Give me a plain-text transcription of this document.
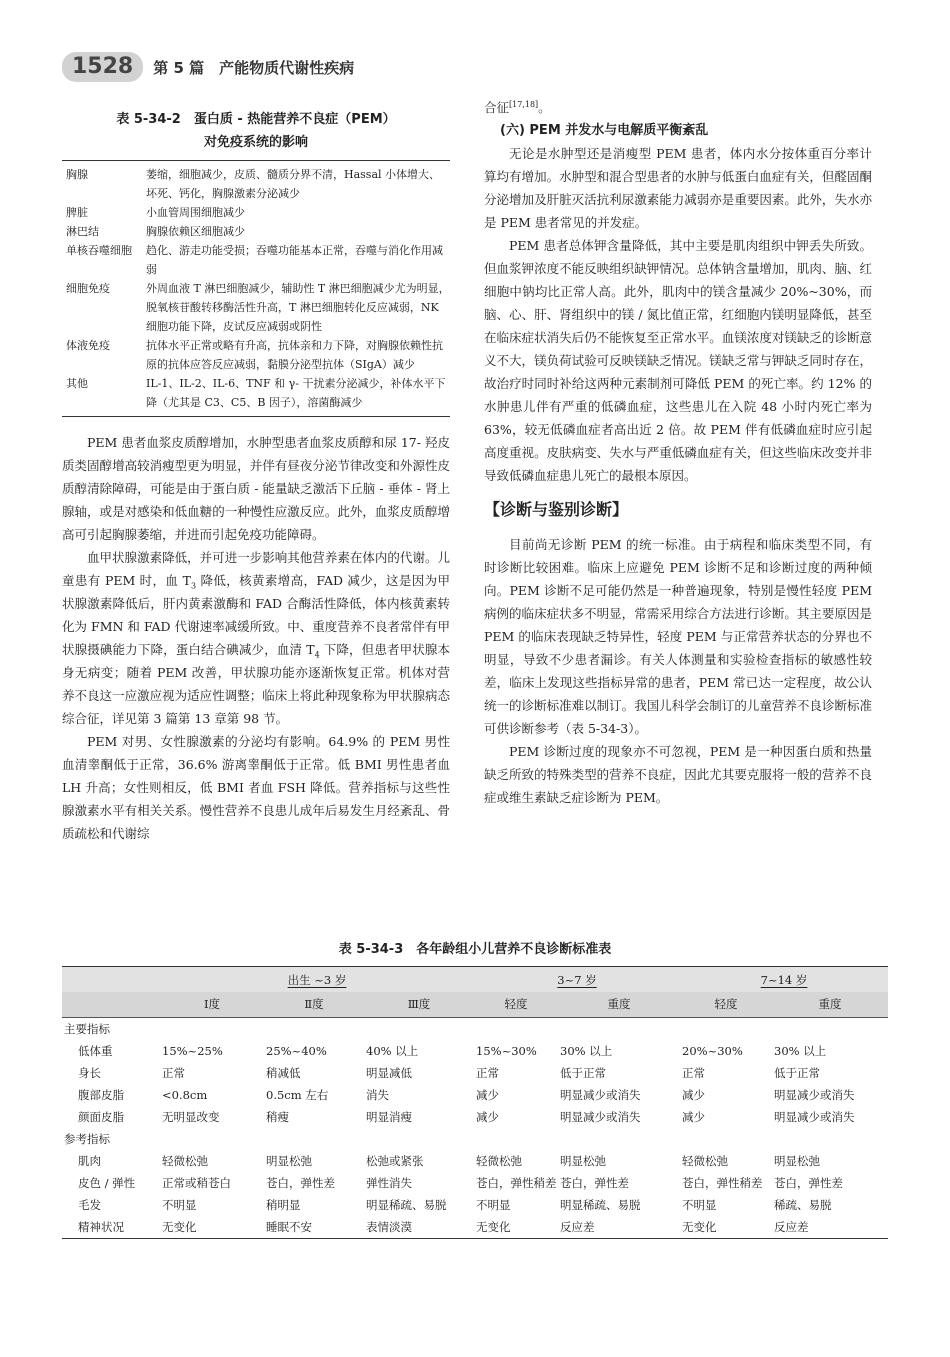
1528	第 5 篇　产能物质代谢性疾病
表 5-34-2　蛋白质 - 热能营养不良症（PEM）
对免疫系统的影响
胸腺	萎缩，细胞减少，皮质、髓质分界不清，Hassal 小体增大、坏死、钙化，胸腺激素分泌减少
脾脏	小血管周围细胞减少
淋巴结	胸腺依赖区细胞减少
单核吞噬细胞	趋化、游走功能受损；吞噬功能基本正常，吞噬与消化作用减弱
细胞免疫	外周血液 T 淋巴细胞减少，辅助性 T 淋巴细胞减少尤为明显，脱氧核苷酸转移酶活性升高，T 淋巴细胞转化反应减弱，NK 细胞功能下降，皮试反应减弱或阴性
体液免疫	抗体水平正常或略有升高，抗体亲和力下降，对胸腺依赖性抗原的抗体应答反应减弱，黏膜分泌型抗体（SIgA）减少
其他	IL-1、IL-2、IL-6、TNF 和 γ- 干扰素分泌减少，补体水平下降（尤其是 C3、C5、B 因子），溶菌酶减少

PEM 患者血浆皮质醇增加，水肿型患者血浆皮质醇和尿 17- 羟皮质类固醇增高较消瘦型更为明显，并伴有昼夜分泌节律改变和外源性皮质醇清除障碍，可能是由于蛋白质 - 能量缺乏激活下丘脑 - 垂体 - 肾上腺轴，或是对感染和低血糖的一种慢性应激反应。此外，血浆皮质醇增高可引起胸腺萎缩，并进而引起免疫功能障碍。

血甲状腺激素降低，并可进一步影响其他营养素在体内的代谢。儿童患有 PEM 时，血 $T_3$ 降低，核黄素增高，FAD 减少，这是因为甲状腺激素降低后，肝内黄素激酶和 FAD 合酶活性降低，体内核黄素转化为 FMN 和 FAD 代谢速率减缓所致。中、重度营养不良者常伴有甲状腺摄碘能力下降，蛋白结合碘减少，血清 $T_4$ 下降，但患者甲状腺本身无病变；随着 PEM 改善，甲状腺功能亦逐渐恢复正常。机体对营养不良这一应激应视为适应性调整；临床上将此种现象称为甲状腺病态综合征，详见第 3 篇第 13 章第 98 节。

PEM 对男、女性腺激素的分泌均有影响。64.9% 的 PEM 男性血清睾酮低于正常，36.6% 游离睾酮低于正常。低 BMI 男性患者血 LH 升高；女性则相反，低 BMI 者血 FSH 降低。营养指标与这些性腺激素水平有相关关系。慢性营养不良患儿成年后易发生月经紊乱、骨质疏松和代谢综

合征[17,18]。

(六) PEM 并发水与电解质平衡紊乱

无论是水肿型还是消瘦型 PEM 患者，体内水分按体重百分率计算均有增加。水肿型和混合型患者的水肿与低蛋白血症有关，但醛固酮分泌增加及肝脏灭活抗利尿激素能力减弱亦是重要因素。此外，失水亦是 PEM 患者常见的并发症。

PEM 患者总体钾含量降低，其中主要是肌肉组织中钾丢失所致。但血浆钾浓度不能反映组织缺钾情况。总体钠含量增加，肌肉、脑、红细胞中钠均比正常人高。此外，肌肉中的镁含量减少 20%~30%，而脑、心、肝、肾组织中的镁 / 氮比值正常，红细胞内镁明显降低，甚至在临床症状消失后仍不能恢复至正常水平。血镁浓度对镁缺乏的诊断意义不大，镁负荷试验可反映镁缺乏情况。镁缺乏常与钾缺乏同时存在，故治疗时同时补给这两种元素制剂可降低 PEM 的死亡率。约 12% 的水肿患儿伴有严重的低磷血症，这些患儿在入院 48 小时内死亡率为 63%，较无低磷血症者高出近 2 倍。故 PEM 伴有低磷血症时应引起高度重视。皮肤病变、失水与严重低磷血症有关，但这些临床改变并非导致低磷血症患儿死亡的最根本原因。

【诊断与鉴别诊断】

目前尚无诊断 PEM 的统一标准。由于病程和临床类型不同，有时诊断比较困难。临床上应避免 PEM 诊断不足和诊断过度的两种倾向。PEM 诊断不足可能仍然是一种普遍现象，特别是慢性轻度 PEM 病例的临床症状多不明显，常需采用综合方法进行诊断。其主要原因是 PEM 的临床表现缺乏特异性，轻度 PEM 与正常营养状态的分界也不明显，导致不少患者漏诊。有关人体测量和实验检查指标的敏感性较差，临床上发现这些指标异常的患者，PEM 常已达一定程度，故公认统一的诊断标准难以制订。我国儿科学会制订的儿童营养不良诊断标准可供诊断参考（表 5-34-3）。

PEM 诊断过度的现象亦不可忽视，PEM 是一种因蛋白质和热量缺乏所致的特殊类型的营养不良症，因此尤其要克服将一般的营养不良症或维生素缺乏症诊断为 PEM。

表 5-34-3　各年龄组小儿营养不良诊断标准表
	出生 ~3 岁			3~7 岁		7~14 岁	
	Ⅰ度	Ⅱ度	Ⅲ度	轻度	重度	轻度	重度
主要指标							
低体重	15%~25%	25%~40%	40% 以上	15%~30%	30% 以上	20%~30%	30% 以上
身长	正常	稍减低	明显减低	正常	低于正常	正常	低于正常
腹部皮脂	<0.8cm	0.5cm 左右	消失	减少	明显减少或消失	减少	明显减少或消失
颜面皮脂	无明显改变	稍瘦	明显消瘦	减少	明显减少或消失	减少	明显减少或消失
参考指标							
肌肉	轻微松弛	明显松弛	松弛或紧张	轻微松弛	明显松弛	轻微松弛	明显松弛
皮色 / 弹性	正常或稍苍白	苍白，弹性差	弹性消失	苍白，弹性稍差	苍白，弹性差	苍白，弹性稍差	苍白，弹性差
毛发	不明显	稍明显	明显稀疏、易脱	不明显	明显稀疏、易脱	不明显	稀疏、易脱
精神状况	无变化	睡眠不安	表情淡漠	无变化	反应差	无变化	反应差
